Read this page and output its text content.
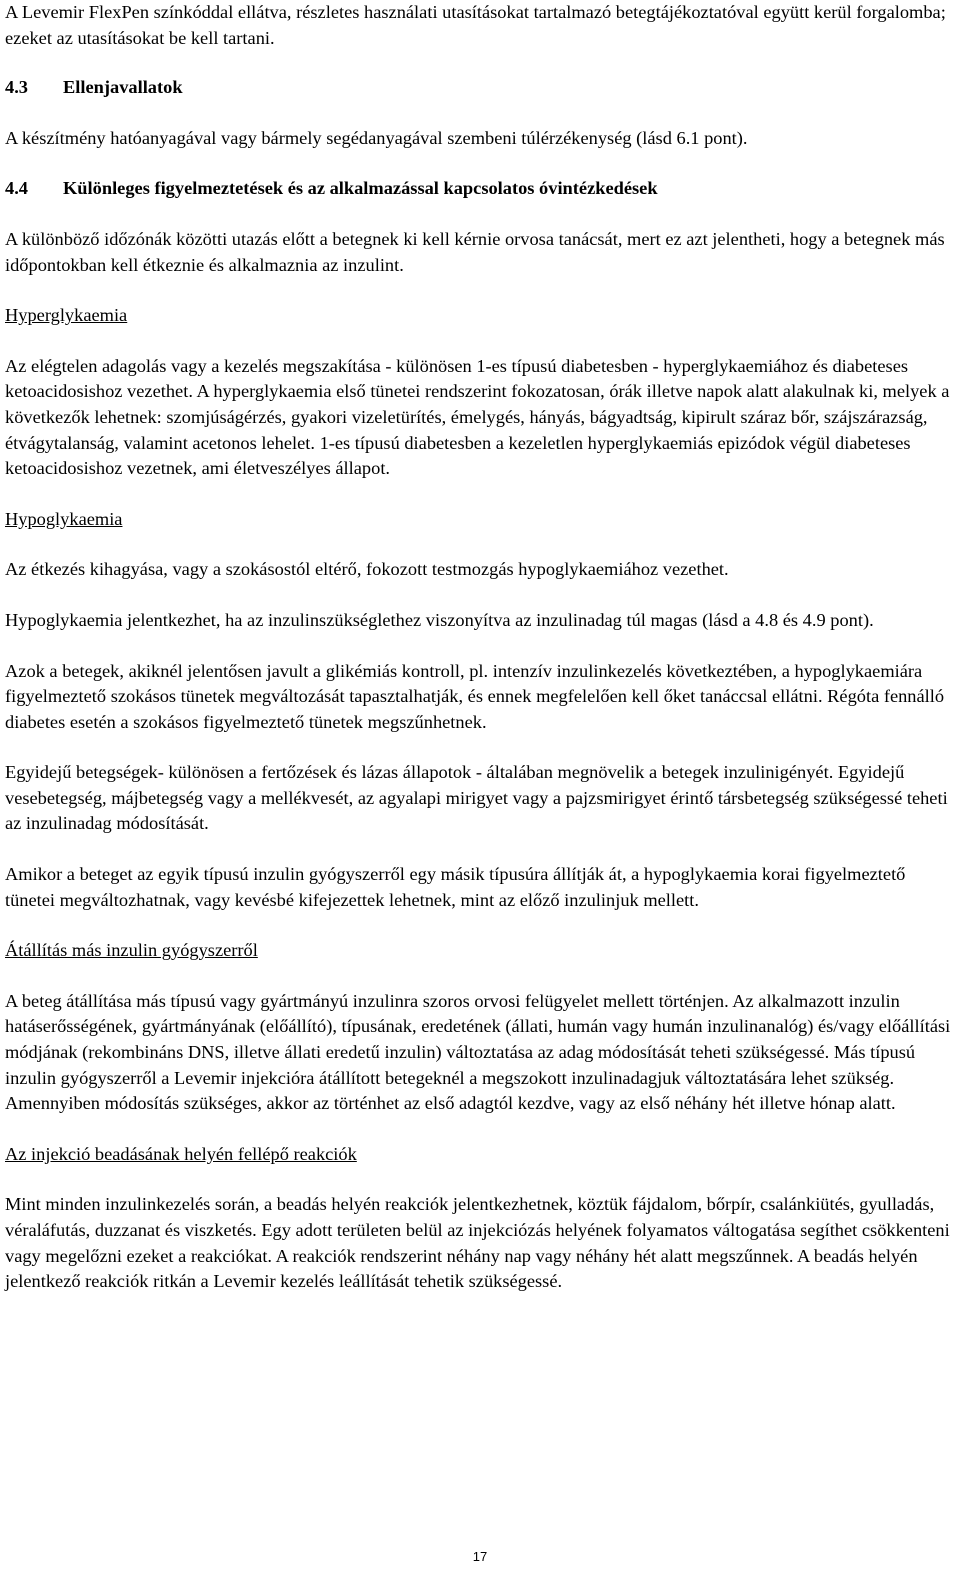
A Levemir FlexPen színkóddal ellátva, részletes használati utasításokat tartalmazó betegtájékoztatóval együtt kerül forgalomba; ezeket az utasításokat be kell tartani.

4.3 Ellenjavallatok

A készítmény hatóanyagával vagy bármely segédanyagával szembeni túlérzékenység (lásd 6.1 pont).

4.4 Különleges figyelmeztetések és az alkalmazással kapcsolatos óvintézkedések

A különböző időzónák közötti utazás előtt a betegnek ki kell kérnie orvosa tanácsát, mert ez azt jelentheti, hogy a betegnek más időpontokban kell étkeznie és alkalmaznia az inzulint.

Hyperglykaemia

Az elégtelen adagolás vagy a kezelés megszakítása - különösen 1-es típusú diabetesben - hyperglykaemiához és diabeteses ketoacidosishoz vezethet. A hyperglykaemia első tünetei rendszerint fokozatosan, órák illetve napok alatt alakulnak ki, melyek a következők lehetnek: szomjúságérzés, gyakori vizeletürítés, émelygés, hányás, bágyadtság, kipirult száraz bőr, szájszárazság, étvágytalanság, valamint acetonos lehelet. 1-es típusú diabetesben a kezeletlen hyperglykaemiás epizódok végül diabeteses ketoacidosishoz vezetnek, ami életveszélyes állapot.

Hypoglykaemia

Az étkezés kihagyása, vagy a szokásostól eltérő, fokozott testmozgás hypoglykaemiához vezethet.

Hypoglykaemia jelentkezhet, ha az inzulinszükséglethez viszonyítva az inzulinadag túl magas (lásd a 4.8 és 4.9 pont).

Azok a betegek, akiknél jelentősen javult a glikémiás kontroll, pl. intenzív inzulinkezelés következtében, a hypoglykaemiára figyelmeztető szokásos tünetek megváltozását tapasztalhatják, és ennek megfelelően kell őket tanáccsal ellátni. Régóta fennálló diabetes esetén a szokásos figyelmeztető tünetek megszűnhetnek.

Egyidejű betegségek- különösen a fertőzések és lázas állapotok - általában megnövelik a betegek inzulinigényét. Egyidejű vesebetegség, májbetegség vagy a mellékvesét, az agyalapi mirigyet vagy a pajzsmirigyet érintő társbetegség szükségessé teheti az inzulinadag módosítását.

Amikor a beteget az egyik típusú inzulin gyógyszerről egy másik típusúra állítják át, a hypoglykaemia korai figyelmeztető tünetei megváltozhatnak, vagy kevésbé kifejezettek lehetnek, mint az előző inzulinjuk mellett.

Átállítás más inzulin gyógyszerről

A beteg átállítása más típusú vagy gyártmányú inzulinra szoros orvosi felügyelet mellett történjen. Az alkalmazott inzulin hatáserősségének, gyártmányának (előállító), típusának, eredetének (állati, humán vagy humán inzulinanalóg) és/vagy előállítási módjának (rekombináns DNS, illetve állati eredetű inzulin) változtatása az adag módosítását teheti szükségessé. Más típusú inzulin gyógyszerről a Levemir injekcióra átállított betegeknél a megszokott inzulinadagjuk változtatására lehet szükség. Amennyiben módosítás szükséges, akkor az történhet az első adagtól kezdve, vagy az első néhány hét illetve hónap alatt.

Az injekció beadásának helyén fellépő reakciók

Mint minden inzulinkezelés során, a beadás helyén reakciók jelentkezhetnek, köztük fájdalom, bőrpír, csalánkiütés, gyulladás, véraláfutás, duzzanat és viszketés. Egy adott területen belül az injekciózás helyének folyamatos váltogatása segíthet csökkenteni vagy megelőzni ezeket a reakciókat. A reakciók rendszerint néhány nap vagy néhány hét alatt megszűnnek. A beadás helyén jelentkező reakciók ritkán a Levemir kezelés leállítását tehetik szükségessé.

17
